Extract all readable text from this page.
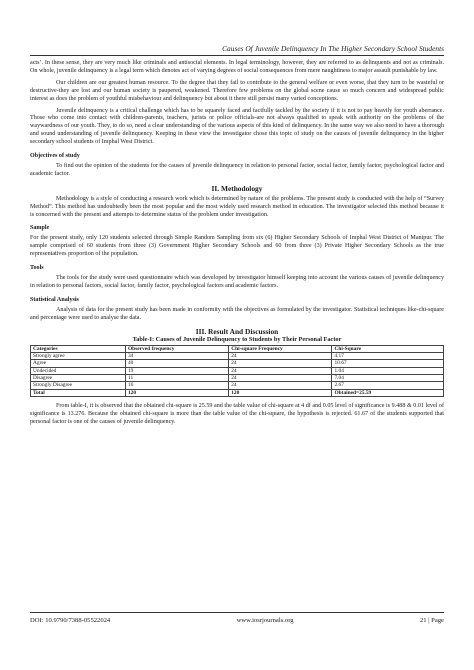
Causes Of Juvenile Delinquency In The Higher Secondary School Students

acts’. In these sense, they are very much like criminals and antisocial elements. In legal terminology, however, they are referred to as delinquents and not as criminals. On whole, juvenile delinquency is a legal term which denotes act of varying degrees of social consequences from mere naughtiness to major assault punishable by law.

Our children are our greatest human resource. To the degree that they fail to contribute to the general welfare or even worse, that they turn to be wasteful or destructive-they are lost and our human society is paupered, weakened. Therefore few problems on the global scene cause so much concern and widespread public interest as does the problem of youthful misbehaviour and delinquency but about it there still persist many varied conceptions.

Juvenile delinquency is a critical challenge which has to be squarely faced and factfully tackled by the society if it is not to pay heavily for youth aberrance. Those who come into contact with children-parents, teachers, jurists or police officials-are not always qualified to speak with authority on the problems of the waywardness of our youth. They, to do so, need a clear understanding of the various aspects of this kind of delinquency. In the same way we also need to have a thorough and sound understanding of juvenile delinquency. Keeping in these view the investigator chose this topic of study on the causes of juvenile delinquency in the higher secondary school students of Imphal West District.

Objectives of study

To find out the opinion of the students for the causes of juvenile delinquency in relation to personal factor, social factor, family factor, psychological factor and academic factor.

II. Methodology

Methodology is a style of conducting a research work which is determined by nature of the problems. The present study is conducted with the help of “Survey Method”. This method has undoubtedly been the most popular and the most widely used research method in education. The investigator selected this method because it is concerned with the present and attempts to determine status of the problem under investigation.

Sample

For the present study, only 120 students selected through Simple Random Sampling from six (6) Higher Secondary Schools of Imphal West District of Manipur. The sample comprised of 60 students from three (3) Government Higher Secondary Schools and 60 from three (3) Private Higher Secondary Schools as the true representatives proportion of the population.

Tools

The tools for the study were used questionnaire which was developed by investigator himself keeping into account the various causes of juvenile delinquency in relation to personal factors, social factor, family factor, psychological factors and academic factors.

Statistical Analysis

Analysis of data for the present study has been made in conformity with the objectives as formulated by the investigator. Statistical techniques like-chi-square and percentage were used to analyse the data.

III. Result And Discussion
Table-I: Causes of Juvenile Delinquency to Students by Their Personal Factor
Categories	Observed frequency	Chi-square Frequency	Chi-Square
Strongly agree	34	24	4.17
Agree	40	24	10.67
Undecided	19	24	1.04
Disagree	11	24	7.04
Strongly Disagree	16	24	2.67
Total	120	120	Obtained=25.59

From table-I, it is observed that the obtained chi-square is 25.59 and the table value of chi-square at 4 df and 0.05 level of significance is 9.488 & 0.01 level of significance is 13.276. Because the obtained chi-square is more than the table value of the chi-square, the hypothesis is rejected. 61.67 of the students supported that personal factor is one of the causes of juvenile delinquency.

DOI: 10.9790/7388-05522024	www.iosrjournals.org	21 | Page
